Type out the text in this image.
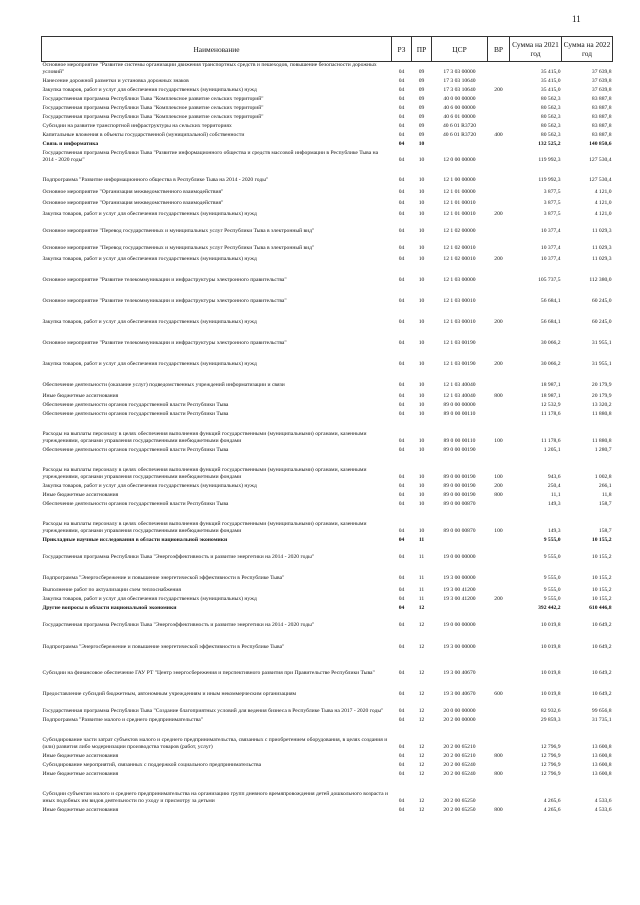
11
Наименование	РЗ	ПР	ЦСР	ВР	Сумма на 2021 год	Сумма на 2022 год
Основное мероприятие "Развитие системы организации движения транспортных средств и пешеходов, повышение безопасности дорожных условий"	04	09	17 3 03 00000		35 415,0	37 639,8
Нанесение дорожной разметки и установка дорожных знаков	04	09	17 3 03 10640		35 415,0	37 639,8
Закупка товаров, работ и услуг для обеспечения государственных (муниципальных) нужд	04	09	17 3 03 10640	200	35 415,0	37 639,8
Государственная программа Республики Тыва "Комплексное развитие сельских территорий"	04	09	40 0 00 00000		80 562,3	83 887,8
Государственная программа Республики Тыва "Комплексное развитие сельских территорий"	04	09	40 6 00 00000		80 562,3	83 887,8
Государственная программа Республики Тыва "Комплексное развитие сельских территорий"	04	09	40 6 01 00000		80 562,3	83 887,8
Субсидии на развитие транспортной инфраструктуры на сельских территориях	04	09	40 6 01 R3720		80 562,3	83 887,8
Капитальные вложения в объекты государственной (муниципальной) собственности	04	09	40 6 01 R3720	400	80 562,3	83 887,8
Связь и информатика	04	10			132 525,2	140 850,6
Государственная программа Республики Тыва "Развитие информационного общества и средств массовой информации в Республике Тыва на 2014 - 2020 годы"	04	10	12 0 00 00000		119 992,3	127 530,4
Подпрограмма "Развитие информационного общества в Республике Тыва на 2014 - 2020 годы"	04	10	12 1 00 00000		119 992,3	127 530,4
Основное мероприятие "Организация межведомственного взаимодействия"	04	10	12 1 01 00000		3 877,5	4 121,0
Основное мероприятие "Организация межведомственного взаимодействия"	04	10	12 1 01 00010		3 877,5	4 121,0
Закупка товаров, работ и услуг для обеспечения государственных (муниципальных) нужд	04	10	12 1 01 00010	200	3 877,5	4 121,0
Основное мероприятие "Перевод государственных и муниципальных услуг Республики Тыва в электронный вид"	04	10	12 1 02 00000		10 377,4	11 029,3
Основное мероприятие "Перевод государственных и муниципальных услуг Республики Тыва в электронный вид"	04	10	12 1 02 00010		10 377,4	11 029,3
Закупка товаров, работ и услуг для обеспечения государственных (муниципальных) нужд	04	10	12 1 02 00010	200	10 377,4	11 029,3
Основное мероприятие "Развитие телекоммуникации и инфраструктуры электронного правительства"	04	10	12 1 03 00000		105 737,5	112 380,0
Основное мероприятие "Развитие телекоммуникации и инфраструктуры электронного правительства"	04	10	12 1 03 00010		56 684,1	60 245,0
Закупка товаров, работ и услуг для обеспечения государственных (муниципальных) нужд	04	10	12 1 03 00010	200	56 684,1	60 245,0
Основное мероприятие "Развитие телекоммуникации и инфраструктуры электронного правительства"	04	10	12 1 03 00190		30 066,2	31 955,1
Закупка товаров, работ и услуг для обеспечения государственных (муниципальных) нужд	04	10	12 1 03 00190	200	30 066,2	31 955,1
Обеспечение деятельности (оказание услуг) подведомственных учреждений информатизации и связи	04	10	12 1 03 40040		18 987,1	20 179,9
Иные бюджетные ассигнования	04	10	12 1 03 40040	800	18 987,1	20 179,9
Обеспечение деятельности органов государственной власти Республики Тыва	04	10	89 0 00 00000		12 532,9	13 320,2
Обеспечение деятельности органов государственной власти Республики Тыва	04	10	89 0 00 00110		11 178,6	11 880,8
Расходы на выплаты персоналу в целях обеспечения выполнения функций государственными (муниципальными) органами, казенными учреждениями, органами управления государственными внебюджетными фондами	04	10	89 0 00 00110	100	11 178,6	11 880,8
Обеспечение деятельности органов государственной власти Республики Тыва	04	10	89 0 00 00190		1 205,1	1 280,7
Расходы на выплаты персоналу в целях обеспечения выполнения функций государственными (муниципальными) органами, казенными учреждениями, органами управления государственными внебюджетными фондами	04	10	89 0 00 00190	100	943,6	1 002,8
Закупка товаров, работ и услуг для обеспечения государственных (муниципальных) нужд	04	10	89 0 00 00190	200	250,4	266,1
Иные бюджетные ассигнования	04	10	89 0 00 00190	800	11,1	11,8
Обеспечение деятельности органов государственной власти Республики Тыва	04	10	89 0 00 00870		149,3	158,7
Расходы на выплаты персоналу в целях обеспечения выполнения функций государственными (муниципальными) органами, казенными учреждениями, органами управления государственными внебюджетными фондами	04	10	89 0 00 00870	100	149,3	158,7
Прикладные научные исследования в области национальной экономики	04	11			9 555,0	10 155,2
Государственная программа Республики Тыва "Энергоэффективность и развитие энергетики на 2014 - 2020 годы"	04	11	19 0 00 00000		9 555,0	10 155,2
Подпрограмма "Энергосбережение и повышение энергетической эффективности в Республике Тыва"	04	11	19 3 00 00000		9 555,0	10 155,2
Выполнение работ по актуализации схем теплоснабжения	04	11	19 3 00 41200		9 555,0	10 155,2
Закупка товаров, работ и услуг для обеспечения государственных (муниципальных) нужд	04	11	19 3 00 41200	200	9 555,0	10 155,2
Другие вопросы в области национальной экономики	04	12			392 442,2	610 446,8
Государственная программа Республики Тыва "Энергоэффективность и развитие энергетики на 2014 - 2020 годы"	04	12	19 0 00 00000		10 019,8	10 649,2
Подпрограмма "Энергосбережение и повышение энергетической эффективности в Республике Тыва"	04	12	19 3 00 00000		10 019,8	10 649,2
Субсидии на финансовое обеспечение ГАУ РТ "Центр энергосбережения и перспективного развития при Правительстве Республики Тыва"	04	12	19 3 00 40670		10 019,8	10 649,2
Предоставление субсидий бюджетным, автономным учреждениям и иным некоммерческим организациям	04	12	19 3 00 40670	600	10 019,8	10 649,2
Государственная программа Республики Тыва "Создание благоприятных условий для ведения бизнеса в Республике Тыва на 2017 - 2020 годы"	04	12	20 0 00 00000		82 932,6	99 656,8
Подпрограмма "Развитие малого и среднего предпринимательства"	04	12	20 2 00 00000		29 859,3	31 735,1
Субсидирование части затрат субъектов малого и среднего предпринимательства, связанных с приобретением оборудования, в целях создания и (или) развития либо модернизации производства товаров (работ, услуг)	04	12	20 2 00 65210		12 796,9	13 600,8
Иные бюджетные ассигнования	04	12	20 2 00 65210	800	12 796,9	13 600,8
Субсидирование мероприятий, связанных с поддержкой социального предпринимательства	04	12	20 2 00 65240		12 796,9	13 600,8
Иные бюджетные ассигнования	04	12	20 2 00 65240	800	12 796,9	13 600,8
Субсидии субъектам малого и среднего предпринимательства на организацию групп дневного времяпровождения детей дошкольного возраста и иных подобных им видов деятельности по уходу и присмотру за детьми	04	12	20 2 00 65250		4 265,6	4 533,6
Иные бюджетные ассигнования	04	12	20 2 00 65250	800	4 265,6	4 533,6
